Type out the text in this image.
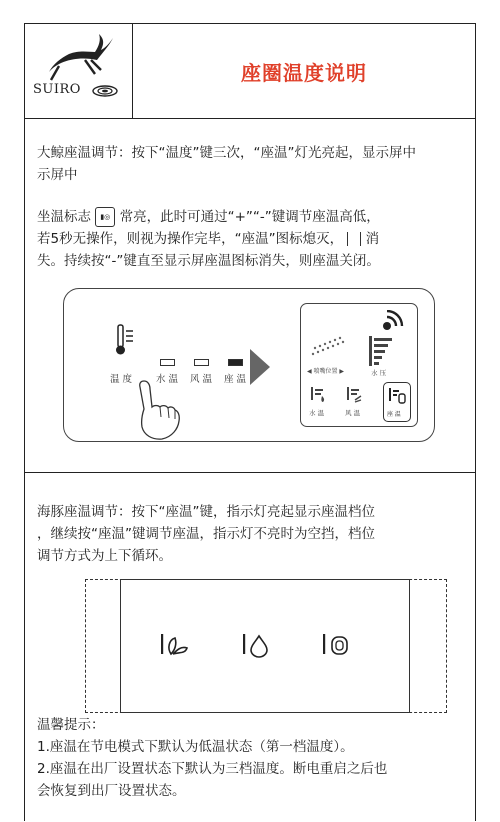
SUIRO
座圈温度说明
大鲸座温调节：按下“温度”键三次，“座温”灯光亮起，显示屏中
示屏中
坐温标志 ▮◎ 常亮，此时可通过“+”“-”键调节座温高低，
若5秒无操作，则视为操作完毕，“座温”图标熄灭， 消
失。持续按“-”键直至显示屏座温图标消失，则座温关闭。
温 度	水 温 风 温 座 温
◀ 喷嘴位置 ▶	水 压
座 温
水 温	风 温
海豚座温调节：按下“座温”键，指示灯亮起显示座温档位
，继续按“座温”键调节座温，指示灯不亮时为空挡，档位
调节方式为上下循环。
温馨提示：
1.座温在节电模式下默认为低温状态（第一档温度）。
2.座温在出厂设置状态下默认为三档温度。断电重启之后也
会恢复到出厂设置状态。
